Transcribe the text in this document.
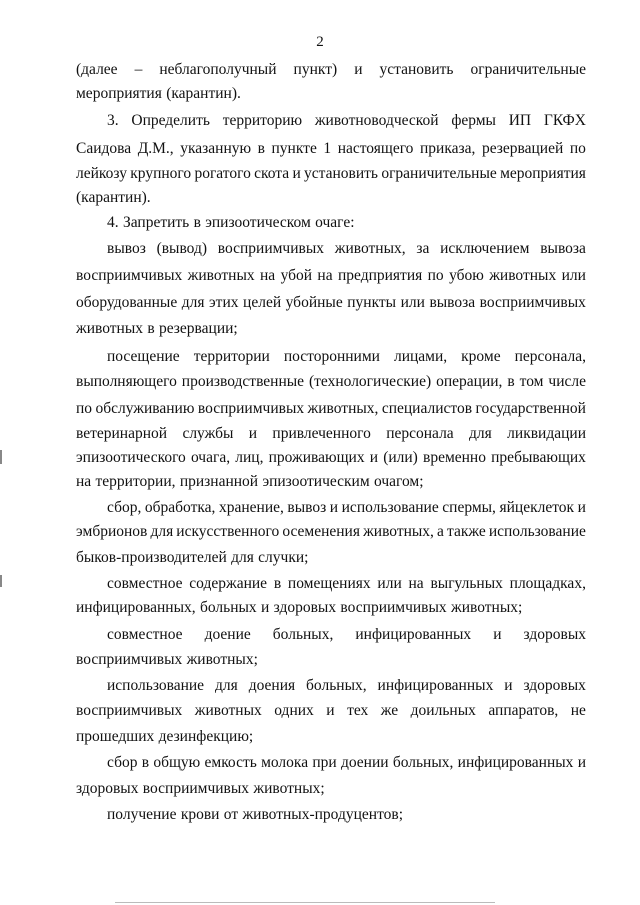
2
(далее – неблагополучный пункт) и установить ограничительные
мероприятия (карантин).
3. Определить территорию животноводческой фермы ИП ГКФХ
Саидова Д.М., указанную в пункте 1 настоящего приказа, резервацией по
лейкозу крупного рогатого скота и установить ограничительные мероприятия
(карантин).
4. Запретить в эпизоотическом очаге:
вывоз (вывод) восприимчивых животных, за исключением вывоза
восприимчивых животных на убой на предприятия по убою животных или
оборудованные для этих целей убойные пункты или вывоза восприимчивых
животных в резервации;
посещение территории посторонними лицами, кроме персонала,
выполняющего производственные (технологические) операции, в том числе
по обслуживанию восприимчивых животных, специалистов государственной
ветеринарной службы и привлеченного персонала для ликвидации
эпизоотического очага, лиц, проживающих и (или) временно пребывающих
на территории, признанной эпизоотическим очагом;
сбор, обработка, хранение, вывоз и использование спермы, яйцеклеток и
эмбрионов для искусственного осеменения животных, а также использование
быков-производителей для случки;
совместное содержание в помещениях или на выгульных площадках,
инфицированных, больных и здоровых восприимчивых животных;
совместное доение больных, инфицированных и здоровых
восприимчивых животных;
использование для доения больных, инфицированных и здоровых
восприимчивых животных одних и тех же доильных аппаратов, не
прошедших дезинфекцию;
сбор в общую емкость молока при доении больных, инфицированных и
здоровых восприимчивых животных;
получение крови от животных-продуцентов;
